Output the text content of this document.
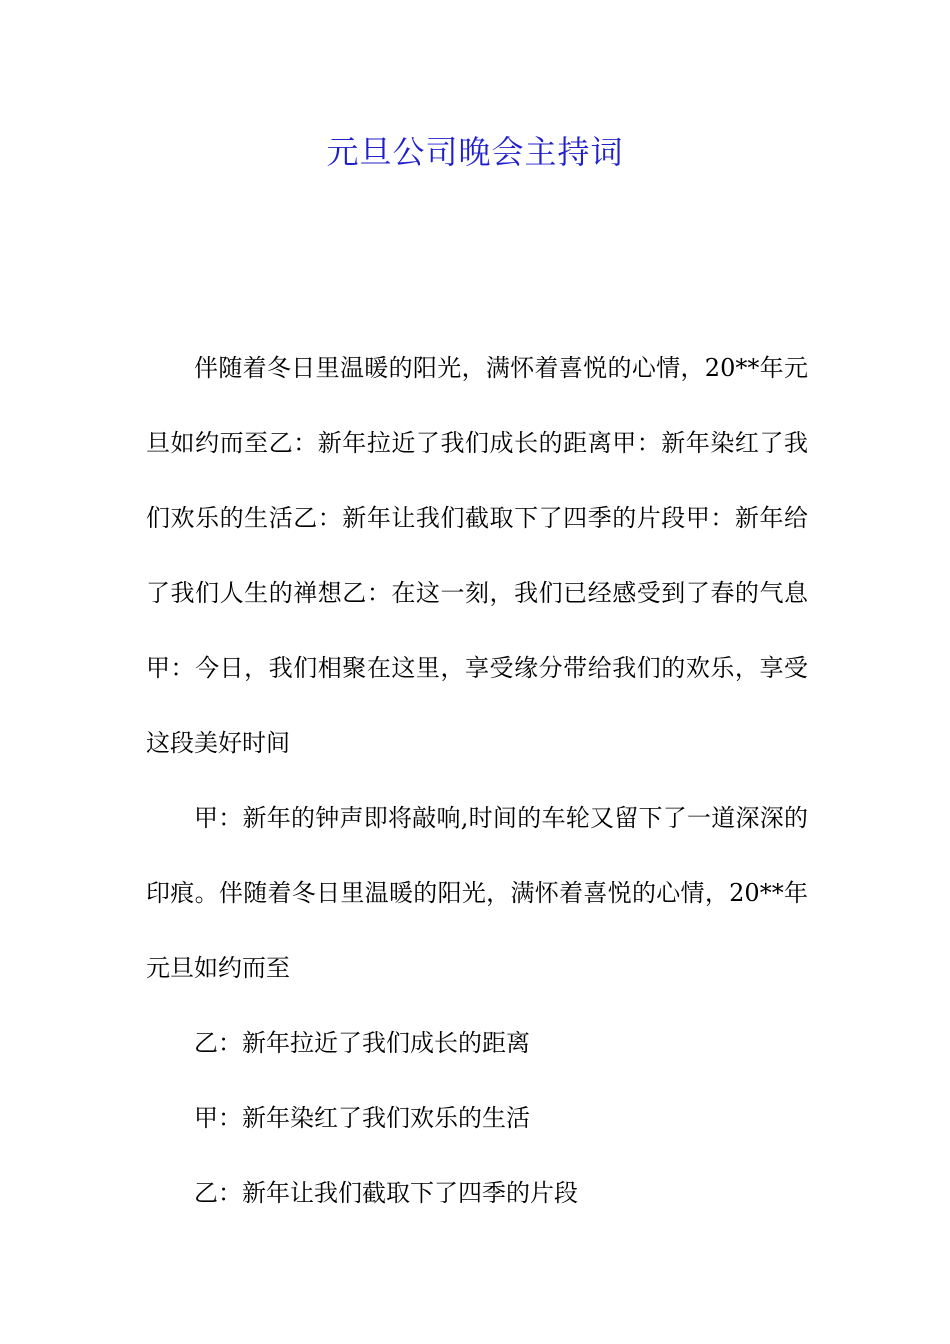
元旦公司晚会主持词

伴随着冬日里温暖的阳光，满怀着喜悦的心情，20**年元旦如约而至乙：新年拉近了我们成长的距离甲：新年染红了我们欢乐的生活乙：新年让我们截取下了四季的片段甲：新年给了我们人生的禅想乙：在这一刻，我们已经感受到了春的气息甲：今日，我们相聚在这里，享受缘分带给我们的欢乐，享受这段美好时间

甲：新年的钟声即将敲响,时间的车轮又留下了一道深深的印痕。伴随着冬日里温暖的阳光，满怀着喜悦的心情，20**年元旦如约而至

乙：新年拉近了我们成长的距离

甲：新年染红了我们欢乐的生活

乙：新年让我们截取下了四季的片段
